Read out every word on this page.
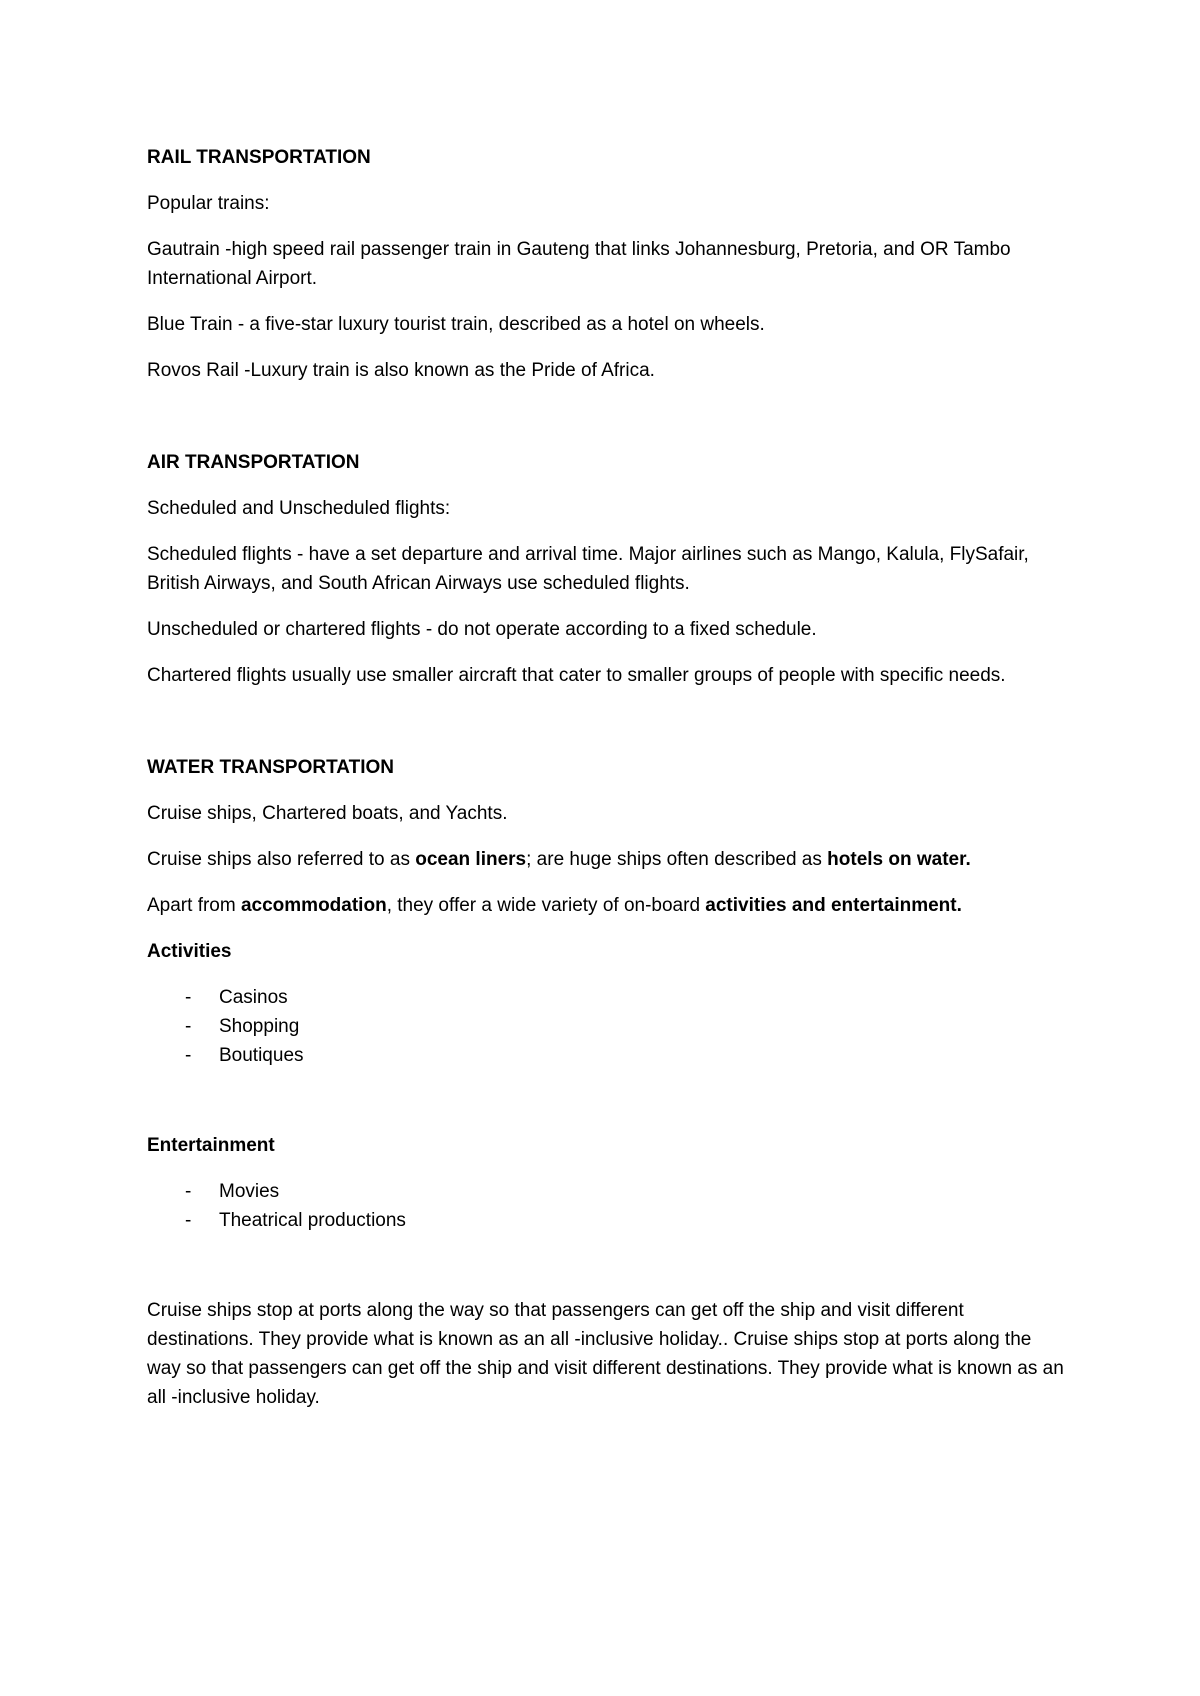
RAIL TRANSPORTATION

Popular trains:

Gautrain -high speed rail passenger train in Gauteng that links Johannesburg, Pretoria, and OR Tambo International Airport.

Blue Train - a five-star luxury tourist train, described as a hotel on wheels.

Rovos Rail -Luxury train is also known as the Pride of Africa.

AIR TRANSPORTATION

Scheduled and Unscheduled flights:

Scheduled flights - have a set departure and arrival time. Major airlines such as Mango, Kalula, FlySafair, British Airways, and South African Airways use scheduled flights.

Unscheduled or chartered flights - do not operate according to a fixed schedule.

Chartered flights usually use smaller aircraft that cater to smaller groups of people with specific needs.

WATER TRANSPORTATION

Cruise ships, Chartered boats, and Yachts.

Cruise ships also referred to as ocean liners; are huge ships often described as hotels on water.

Apart from accommodation, they offer a wide variety of on-board activities and entertainment.

Activities

- Casinos
- Shopping
- Boutiques

Entertainment

- Movies
- Theatrical productions

Cruise ships stop at ports along the way so that passengers can get off the ship and visit different destinations. They provide what is known as an all -inclusive holiday.. Cruise ships stop at ports along the way so that passengers can get off the ship and visit different destinations. They provide what is known as an all -inclusive holiday.
